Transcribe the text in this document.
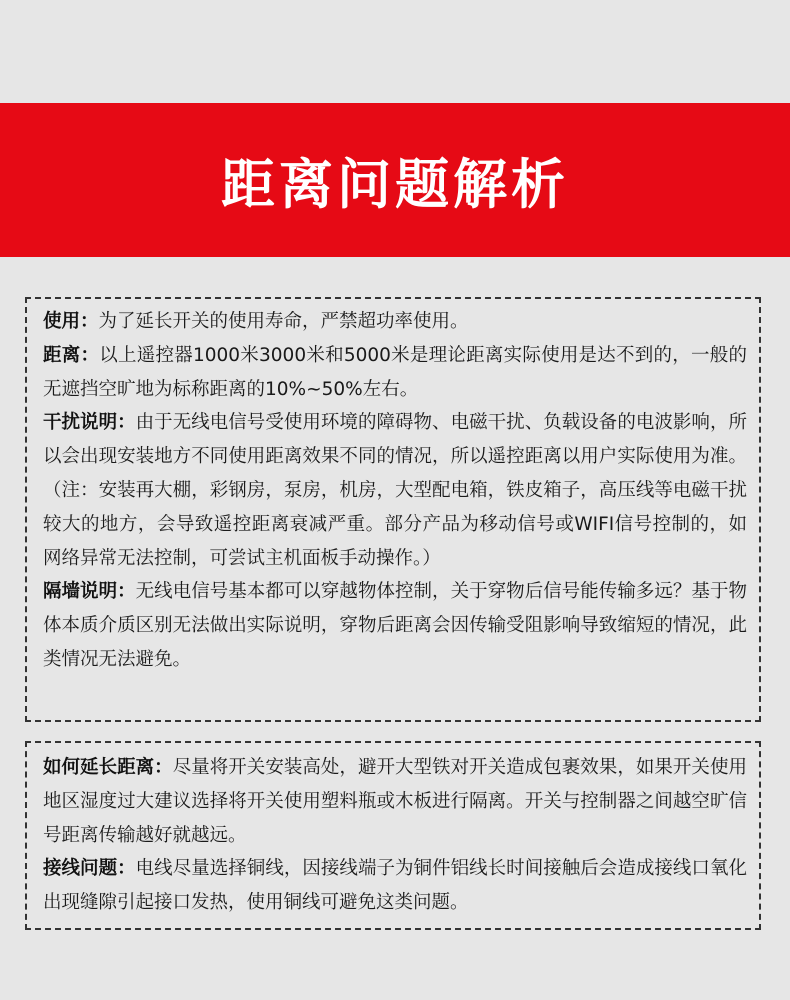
距离问题解析

使用：为了延长开关的使用寿命，严禁超功率使用。

距离：以上遥控器1000米3000米和5000米是理论距离实际使用是达不到的，一般的无遮挡空旷地为标称距离的10%~50%左右。

干扰说明：由于无线电信号受使用环境的障碍物、电磁干扰、负载设备的电波影响，所以会出现安装地方不同使用距离效果不同的情况，所以遥控距离以用户实际使用为准。（注：安装再大棚，彩钢房，泵房，机房，大型配电箱，铁皮箱子，高压线等电磁干扰较大的地方，会导致遥控距离衰减严重。部分产品为移动信号或WIFI信号控制的，如网络异常无法控制，可尝试主机面板手动操作。）

隔墙说明：无线电信号基本都可以穿越物体控制，关于穿物后信号能传输多远？基于物体本质介质区别无法做出实际说明，穿物后距离会因传输受阻影响导致缩短的情况，此类情况无法避免。

如何延长距离：尽量将开关安装高处，避开大型铁对开关造成包裹效果，如果开关使用地区湿度过大建议选择将开关使用塑料瓶或木板进行隔离。开关与控制器之间越空旷信号距离传输越好就越远。

接线问题：电线尽量选择铜线，因接线端子为铜件铝线长时间接触后会造成接线口氧化出现缝隙引起接口发热，使用铜线可避免这类问题。
